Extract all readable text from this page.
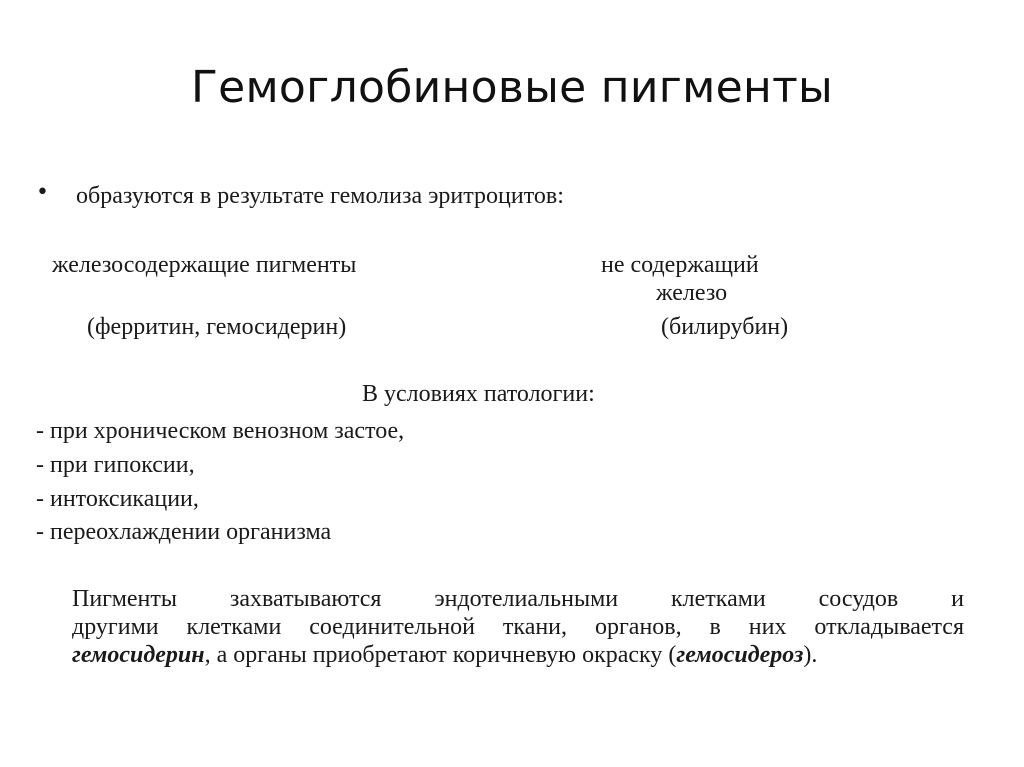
Гемоглобиновые пигменты
• образуются в результате гемолиза эритроцитов:
железосодержащие пигменты
(ферритин, гемосидерин)
не содержащий
железо
(билирубин)
В условиях патологии:
- при хроническом венозном застое,
- при гипоксии,
- интоксикации,
- переохлаждении организма
Пигменты захватываются эндотелиальными клетками сосудов и
другими клетками соединительной ткани, органов, в них откладывается
гемосидерин, а органы приобретают коричневую окраску (гемосидероз).
